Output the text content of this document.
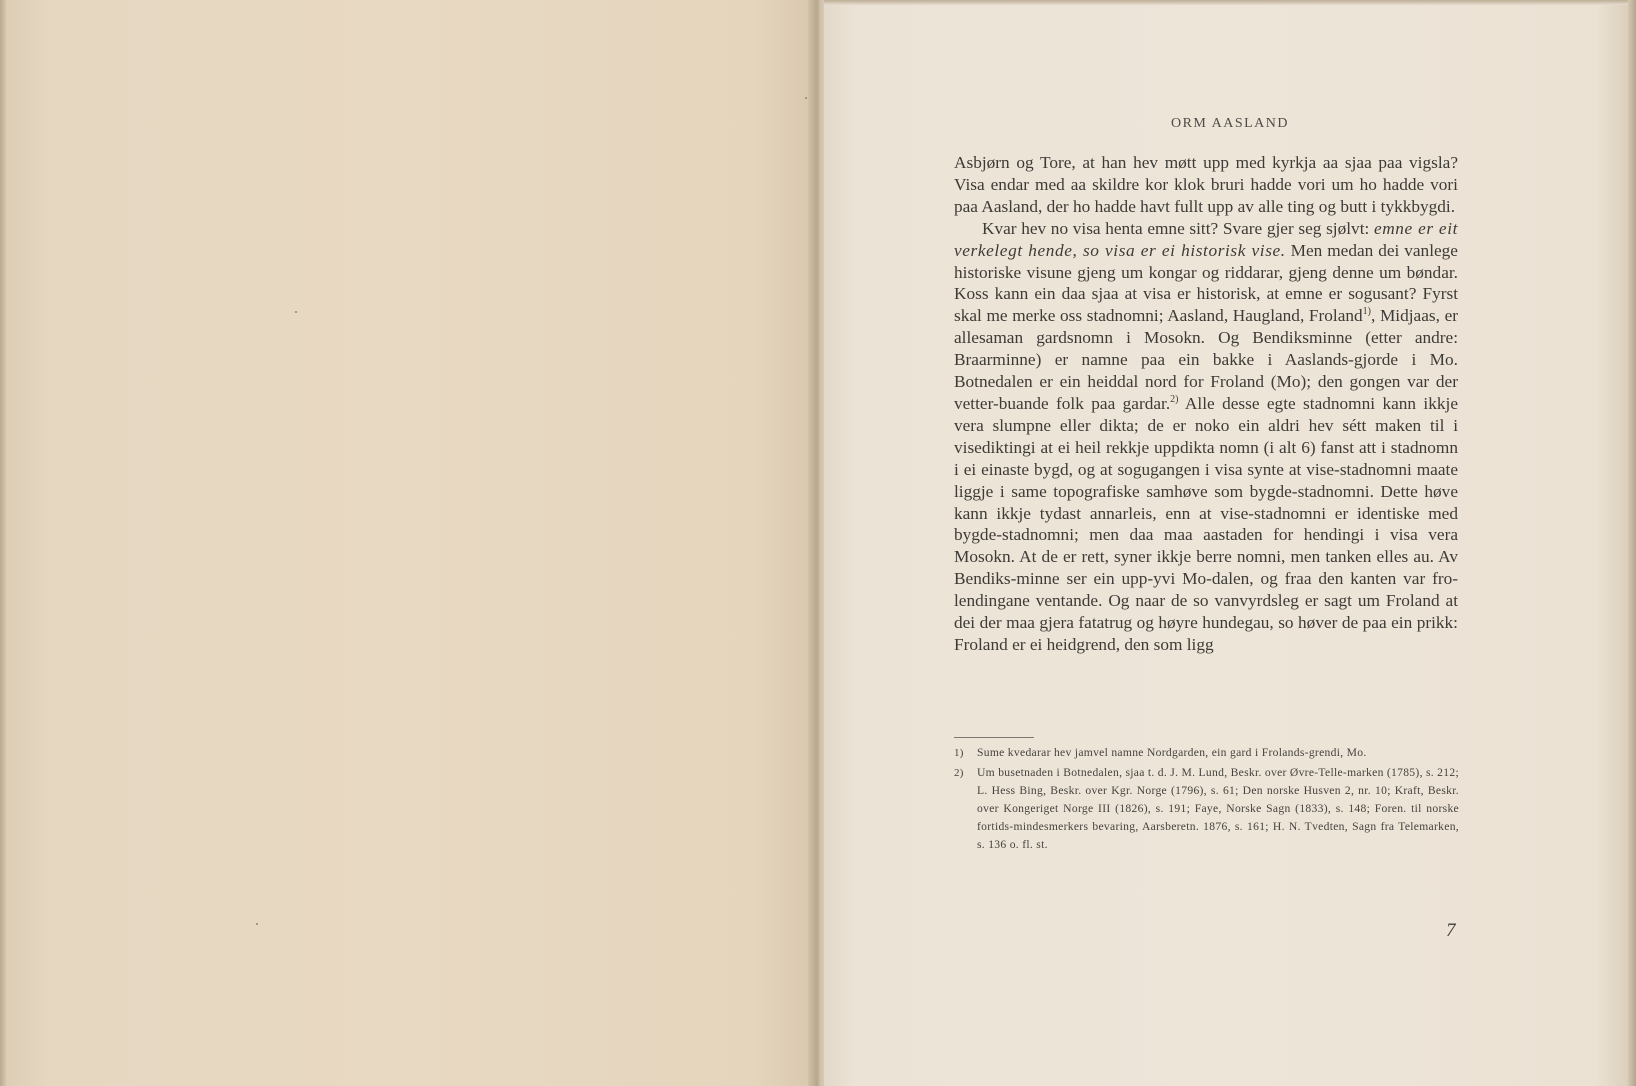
ORM AASLAND

Asbjørn og Tore, at han hev møtt upp med kyrkja aa sjaa paa vigsla? Visa endar med aa skildre kor klok bruri hadde vori um ho hadde vori paa Aasland, der ho hadde havt fullt upp av alle ting og butt i tykkbygdi.

Kvar hev no visa henta emne sitt? Svare gjer seg sjølvt: emne er eit verkelegt hende, so visa er ei historisk vise. Men medan dei vanlege historiske visune gjeng um kongar og riddarar, gjeng denne um bøndar. Koss kann ein daa sjaa at visa er historisk, at emne er sogusant? Fyrst skal me merke oss stadnomni; Aasland, Haugland, Froland$^{1)}$, Midjaas, er allesaman gardsnomn i Mosokn. Og Bendiksminne (etter andre: Braarminne) er namne paa ein bakke i Aaslands-gjorde i Mo. Botnedalen er ein heiddal nord for Froland (Mo); den gongen var der vetter-buande folk paa gardar.$^{2)}$ Alle desse egte stadnomni kann ikkje vera slumpne eller dikta; de er noko ein aldri hev sétt maken til i visediktingi at ei heil rekkje uppdikta nomn (i alt 6) fanst att i stadnomn i ei einaste bygd, og at sogugangen i visa synte at vise-stadnomni maate liggje i same topografiske samhøve som bygde-stadnomni. Dette høve kann ikkje tydast annarleis, enn at vise-stadnomni er identiske med bygde-stadnomni; men daa maa aastaden for hendingi i visa vera Mosokn. At de er rett, syner ikkje berre nomni, men tanken elles au. Av Bendiks-minne ser ein upp-yvi Mo-dalen, og fraa den kanten var fro-lendingane ventande. Og naar de so vanvyrdsleg er sagt um Froland at dei der maa gjera fatatrug og høyre hundegau, so høver de paa ein prikk: Froland er ei heidgrend, den som ligg

1) Sume kvedarar hev jamvel namne Nordgarden, ein gard i Frolands-grendi, Mo.
2) Um busetnaden i Botnedalen, sjaa t. d. J. M. Lund, Beskr. over Øvre-Telle-marken (1785), s. 212; L. Hess Bing, Beskr. over Kgr. Norge (1796), s. 61; Den norske Husven 2, nr. 10; Kraft, Beskr. over Kongeriget Norge III (1826), s. 191; Faye, Norske Sagn (1833), s. 148; Foren. til norske fortids-mindesmerkers bevaring, Aarsberetn. 1876, s. 161; H. N. Tvedten, Sagn fra Telemarken, s. 136 o. fl. st.
7
